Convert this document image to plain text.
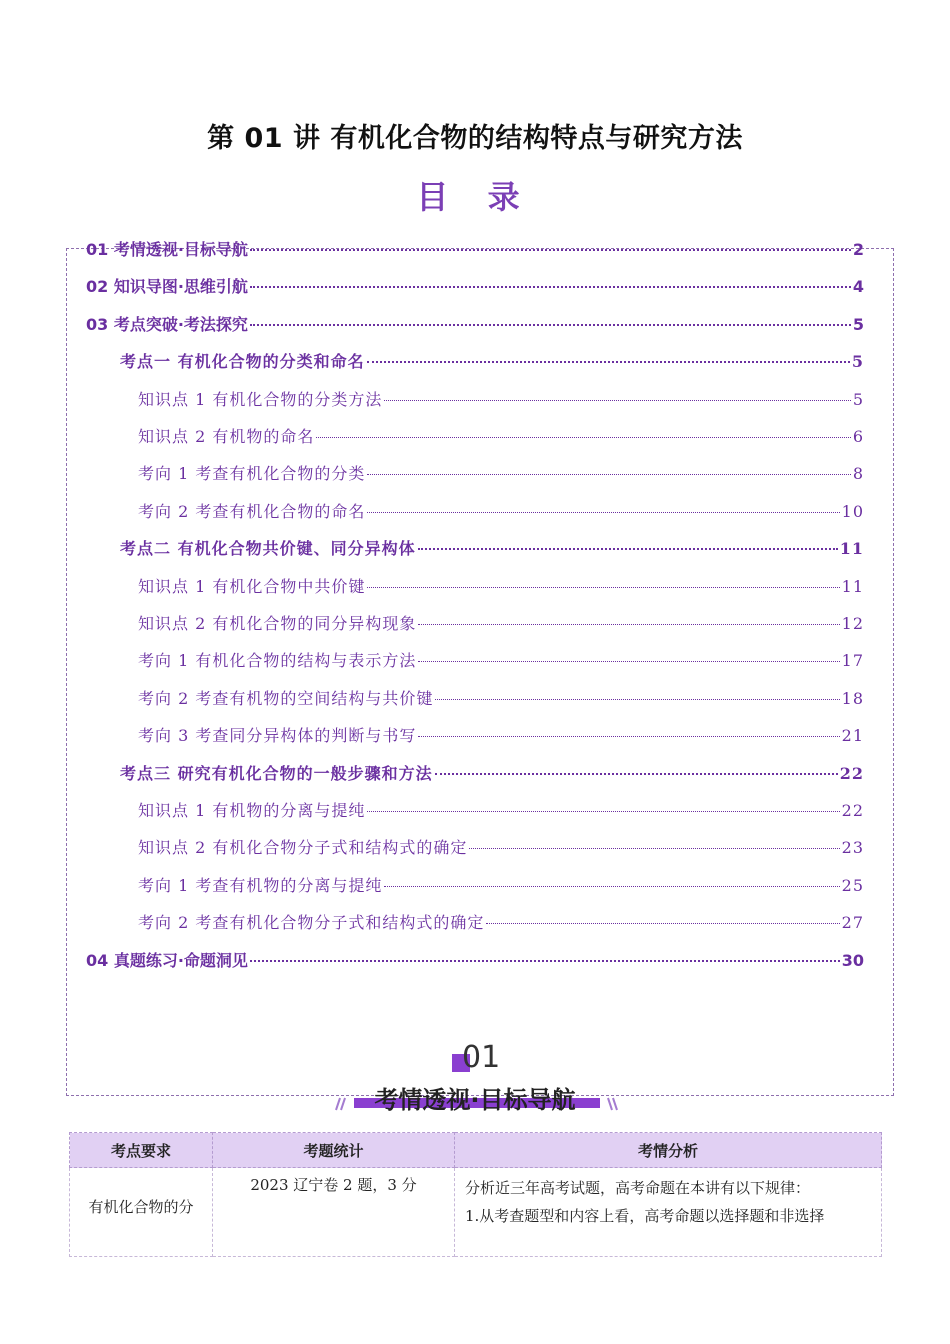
第 01 讲 有机化合物的结构特点与研究方法
目 录
01 考情透视·目标导航	2
02 知识导图·思维引航	4
03 考点突破·考法探究	5
考点一 有机化合物的分类和命名	5
知识点 1 有机化合物的分类方法	5
知识点 2 有机物的命名	6
考向 1 考查有机化合物的分类	8
考向 2 考查有机化合物的命名	10
考点二 有机化合物共价键、同分异构体	11
知识点 1 有机化合物中共价键	11
知识点 2 有机化合物的同分异构现象	12
考向 1 有机化合物的结构与表示方法	17
考向 2 考查有机物的空间结构与共价键	18
考向 3 考查同分异构体的判断与书写	21
考点三 研究有机化合物的一般步骤和方法	22
知识点 1 有机物的分离与提纯	22
知识点 2 有机化合物分子式和结构式的确定	23
考向 1 考查有机物的分离与提纯	25
考向 2 考查有机化合物分子式和结构式的确定	27
04 真题练习·命题洞见	30
01
考情透视·目标导航
考点要求	考题统计	考情分析
有机化合物的分	2023 辽宁卷 2 题，3 分	分析近三年高考试题，高考命题在本讲有以下规律：
1.从考查题型和内容上看，高考命题以选择题和非选择
